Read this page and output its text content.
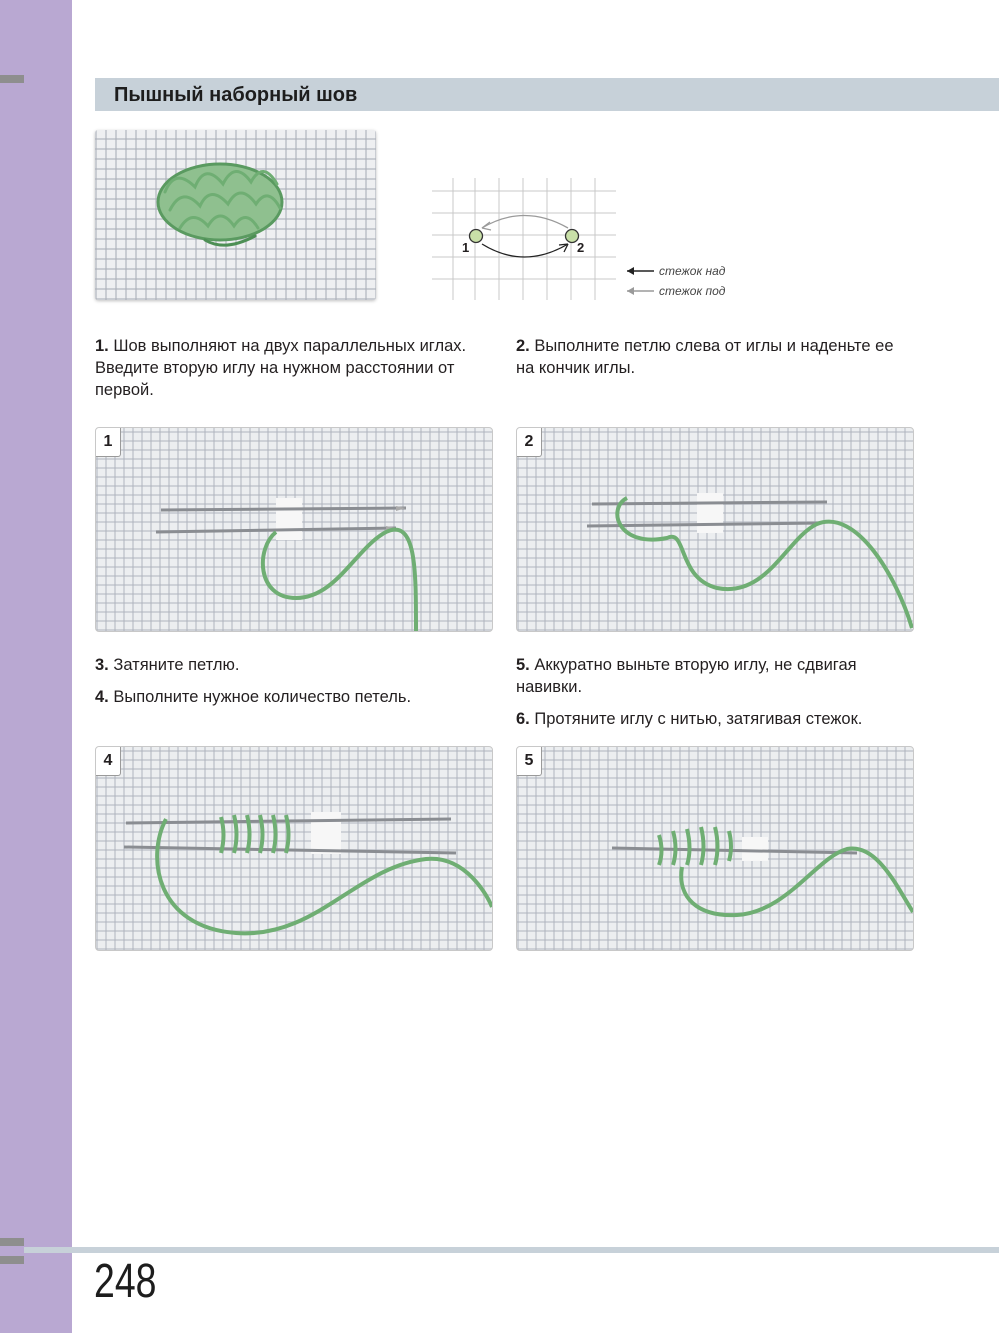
Пышный наборный шов
1	2
стежок над
стежок под
1. Шов выполняют на двух параллельных иглах. Введите вторую иглу на нужном расстоянии от первой.
2. Выполните петлю слева от иглы и наденьте ее на кончик иглы.
1	2
3. Затяните петлю.
4. Выполните нужное количество петель.
5. Аккуратно выньте вторую иглу, не сдвигая навивки.
6. Протяните иглу с нитью, затягивая стежок.
4	5
248
